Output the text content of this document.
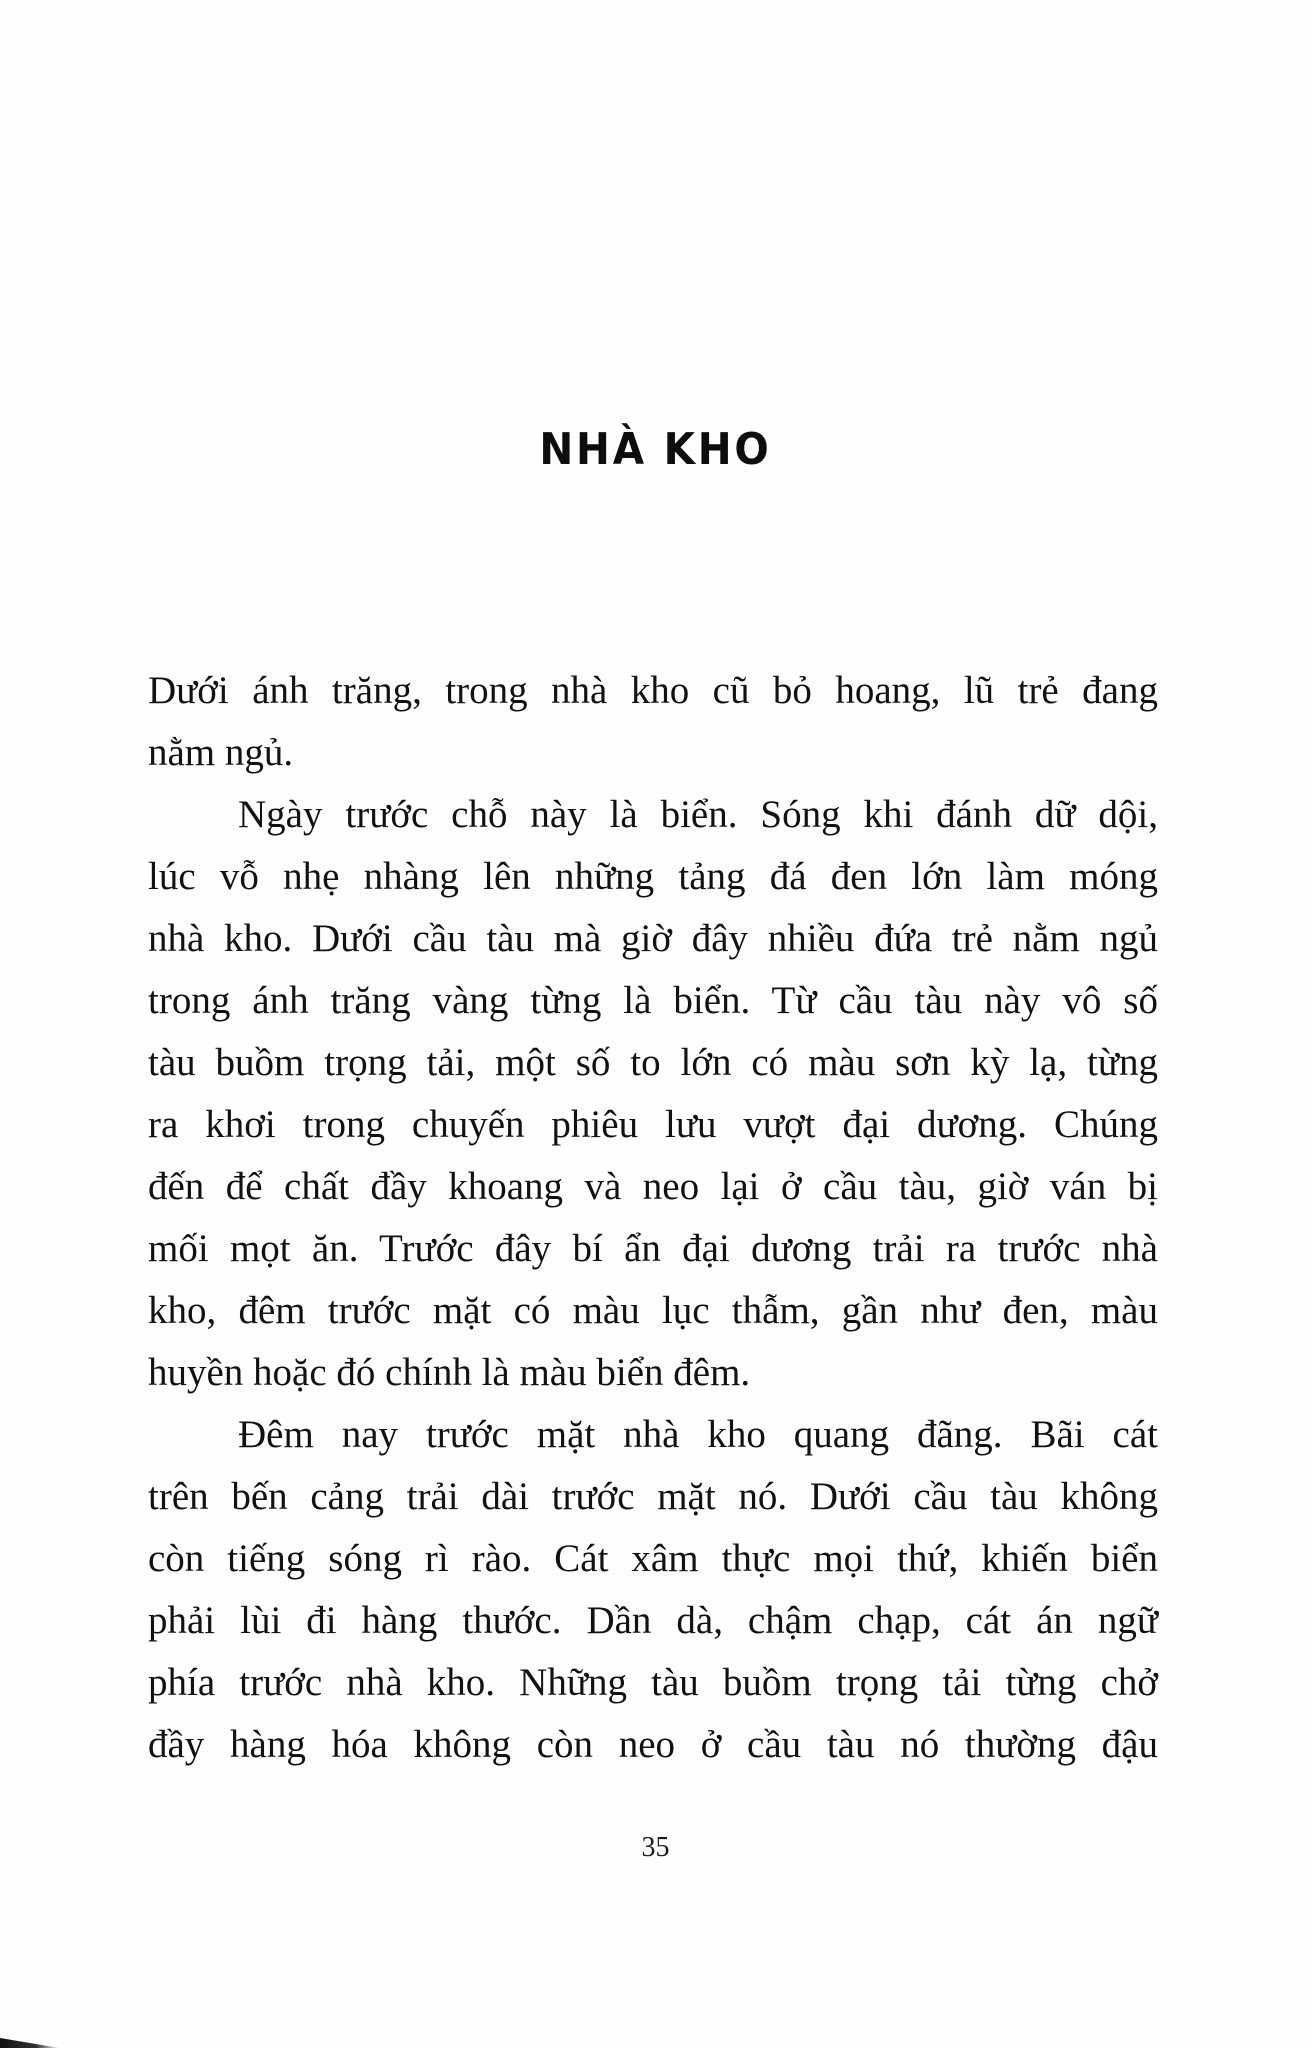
NHÀ KHO
Dưới ánh trăng, trong nhà kho cũ bỏ hoang, lũ trẻ đang
nằm ngủ.
Ngày trước chỗ này là biển. Sóng khi đánh dữ dội,
lúc vỗ nhẹ nhàng lên những tảng đá đen lớn làm móng
nhà kho. Dưới cầu tàu mà giờ đây nhiều đứa trẻ nằm ngủ
trong ánh trăng vàng từng là biển. Từ cầu tàu này vô số
tàu buồm trọng tải, một số to lớn có màu sơn kỳ lạ, từng
ra khơi trong chuyến phiêu lưu vượt đại dương. Chúng
đến để chất đầy khoang và neo lại ở cầu tàu, giờ ván bị
mối mọt ăn. Trước đây bí ẩn đại dương trải ra trước nhà
kho, đêm trước mặt có màu lục thẫm, gần như đen, màu
huyền hoặc đó chính là màu biển đêm.
Đêm nay trước mặt nhà kho quang đãng. Bãi cát
trên bến cảng trải dài trước mặt nó. Dưới cầu tàu không
còn tiếng sóng rì rào. Cát xâm thực mọi thứ, khiến biển
phải lùi đi hàng thước. Dần dà, chậm chạp, cát án ngữ
phía trước nhà kho. Những tàu buồm trọng tải từng chở
đầy hàng hóa không còn neo ở cầu tàu nó thường đậu
35
